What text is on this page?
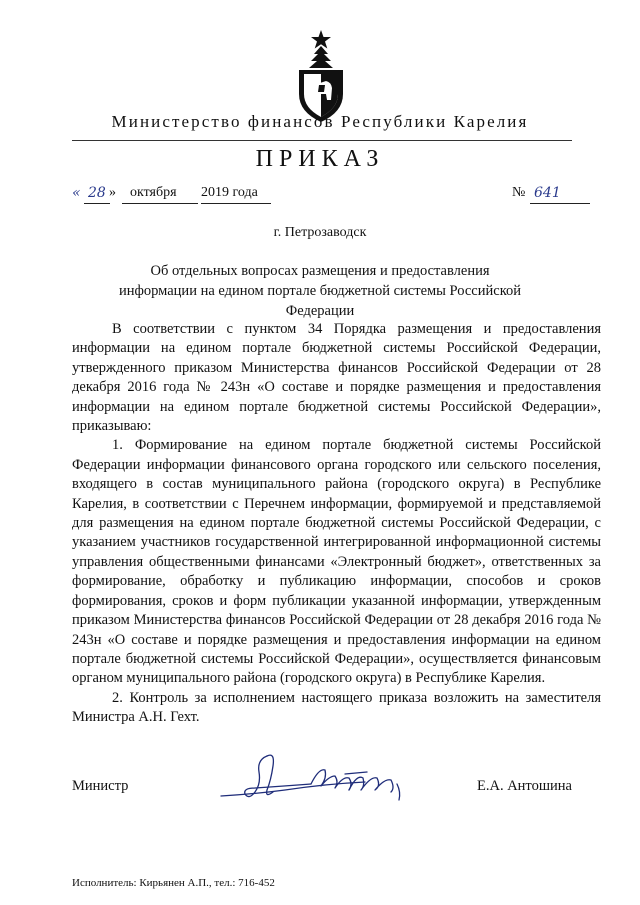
Министерство финансов Республики Карелия
ПРИКАЗ
« 28 » октября 2019 года	№ 641
г. Петрозаводск
Об отдельных вопросах размещения и предоставления информации на едином портале бюджетной системы Российской Федерации

В соответствии с пунктом 34 Порядка размещения и предоставления информации на едином портале бюджетной системы Российской Федерации, утвержденного приказом Министерства финансов Российской Федерации от 28 декабря 2016 года № 243н «О составе и порядке размещения и предоставления информации на едином портале бюджетной системы Российской Федерации», приказываю:

1. Формирование на едином портале бюджетной системы Российской Федерации информации финансового органа городского или сельского поселения, входящего в состав муниципального района (городского округа) в Республике Карелия, в соответствии с Перечнем информации, формируемой и представляемой для размещения на едином портале бюджетной системы Российской Федерации, с указанием участников государственной интегрированной информационной системы управления общественными финансами «Электронный бюджет», ответственных за формирование, обработку и публикацию информации, способов и сроков формирования, сроков и форм публикации указанной информации, утвержденным приказом Министерства финансов Российской Федерации от 28 декабря 2016 года № 243н «О составе и порядке размещения и предоставления информации на едином портале бюджетной системы Российской Федерации», осуществляется финансовым органом муниципального района (городского округа) в Республике Карелия.

2. Контроль за исполнением настоящего приказа возложить на заместителя Министра А.Н. Гехт.

Министр	Е.А. Антошина
Исполнитель: Кирьянен А.П., тел.: 716-452
